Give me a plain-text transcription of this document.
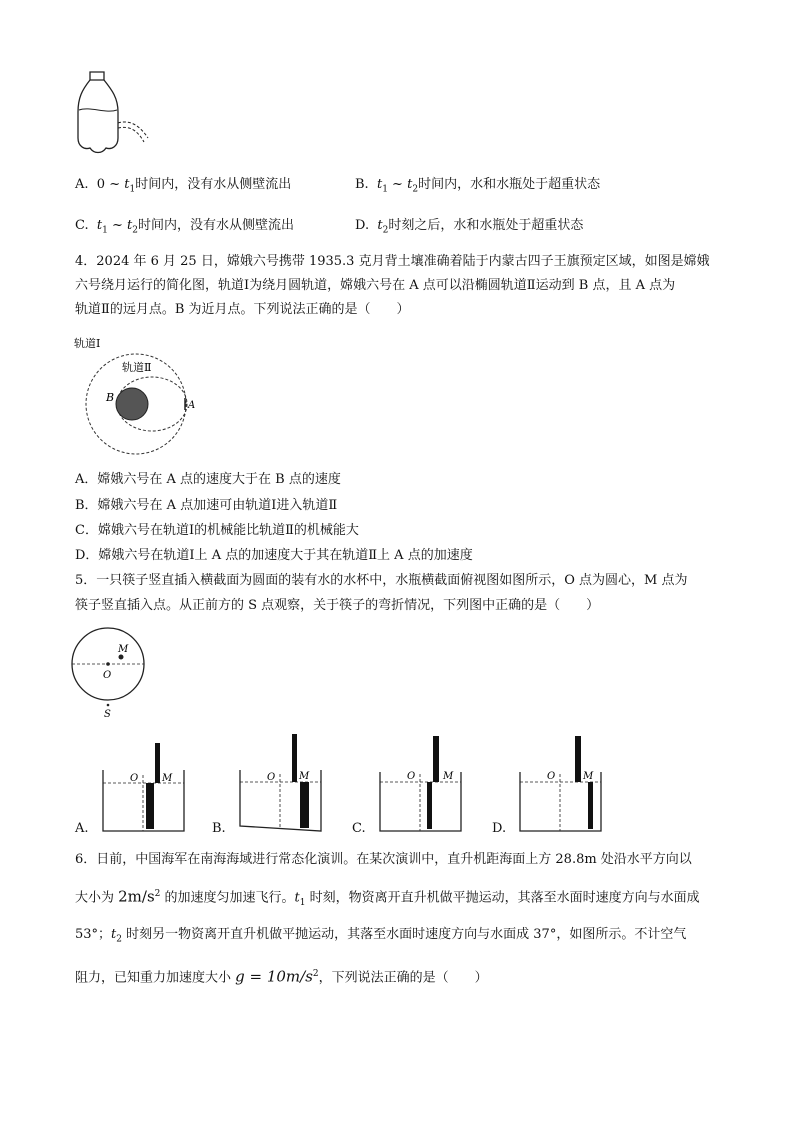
A. 0 ~ $t_1$时间内，没有水从侧壁流出	B. $t_1$ ~ $t_2$时间内，水和水瓶处于超重状态
C. $t_1$ ~ $t_2$时间内，没有水从侧壁流出	D. $t_2$时刻之后，水和水瓶处于超重状态
4．2024 年 6 月 25 日，嫦娥六号携带 1935.3 克月背土壤准确着陆于内蒙古四子王旗预定区域，如图是嫦娥
六号绕月运行的简化图，轨道Ⅰ为绕月圆轨道，嫦娥六号在 A 点可以沿椭圆轨道Ⅱ运动到 B 点，且 A 点为
轨道Ⅱ的远月点。B 为近月点。下列说法正确的是（　　）
轨道Ⅰ
轨道Ⅱ
B
A
A．嫦娥六号在 A 点的速度大于在 B 点的速度
B．嫦娥六号在 A 点加速可由轨道Ⅰ进入轨道Ⅱ
C．嫦娥六号在轨道Ⅰ的机械能比轨道Ⅱ的机械能大
D．嫦娥六号在轨道Ⅰ上 A 点的加速度大于其在轨道Ⅱ上 A 点的加速度
5．一只筷子竖直插入横截面为圆面的装有水的水杯中，水瓶横截面俯视图如图所示，O 点为圆心，M 点为
筷子竖直插入点。从正前方的 S 点观察，关于筷子的弯折情况，下列图中正确的是（　　）
O
M
S
A.
O M
B.
O M
C.
O	M
D.
O	M
6．日前，中国海军在南海海域进行常态化演训。在某次演训中，直升机距海面上方 28.8m 处沿水平方向以
大小为 $2m/s^2$ 的加速度匀加速飞行。$t_1$ 时刻，物资离开直升机做平抛运动，其落至水面时速度方向与水面成
53°；$t_2$ 时刻另一物资离开直升机做平抛运动，其落至水面时速度方向与水面成 37°，如图所示。不计空气
阻力，已知重力加速度大小 $g = 10m/s^2$，下列说法正确的是（　　）
